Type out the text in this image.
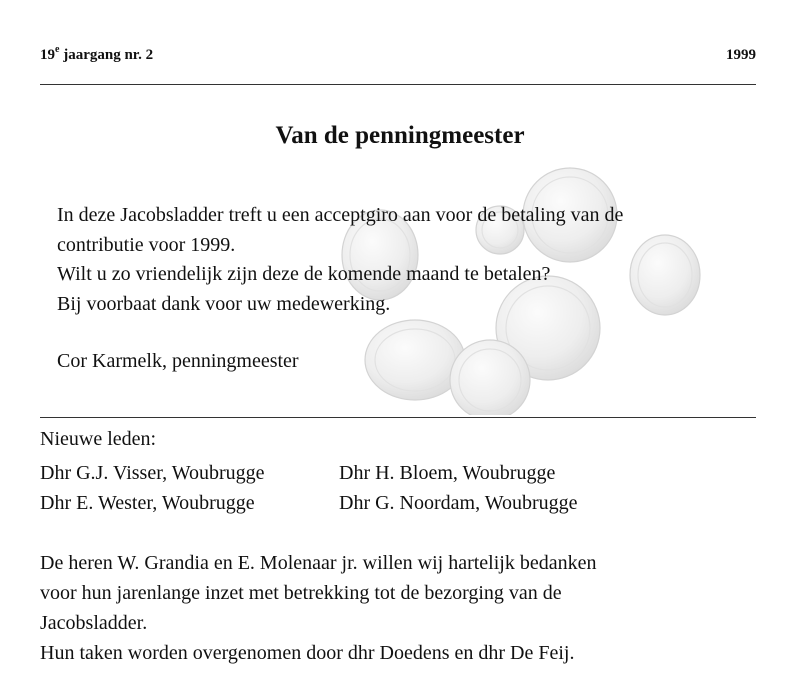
19e jaargang nr. 2	1999
Van de penningmeester

In deze Jacobsladder treft u een acceptgiro aan voor de betaling van de

contributie voor 1999.

Wilt u zo vriendelijk zijn deze de komende maand te betalen?

Bij voorbaat dank voor uw medewerking.

Cor Karmelk, penningmeester
Nieuwe leden:
Dhr G.J. Visser, Woubrugge	Dhr H. Bloem, Woubrugge
Dhr E. Wester, Woubrugge	Dhr G. Noordam, Woubrugge

De heren W. Grandia en E. Molenaar jr. willen wij hartelijk bedanken

voor hun jarenlange inzet met betrekking tot de bezorging van de

Jacobsladder.

Hun taken worden overgenomen door dhr Doedens en dhr De Feij.
